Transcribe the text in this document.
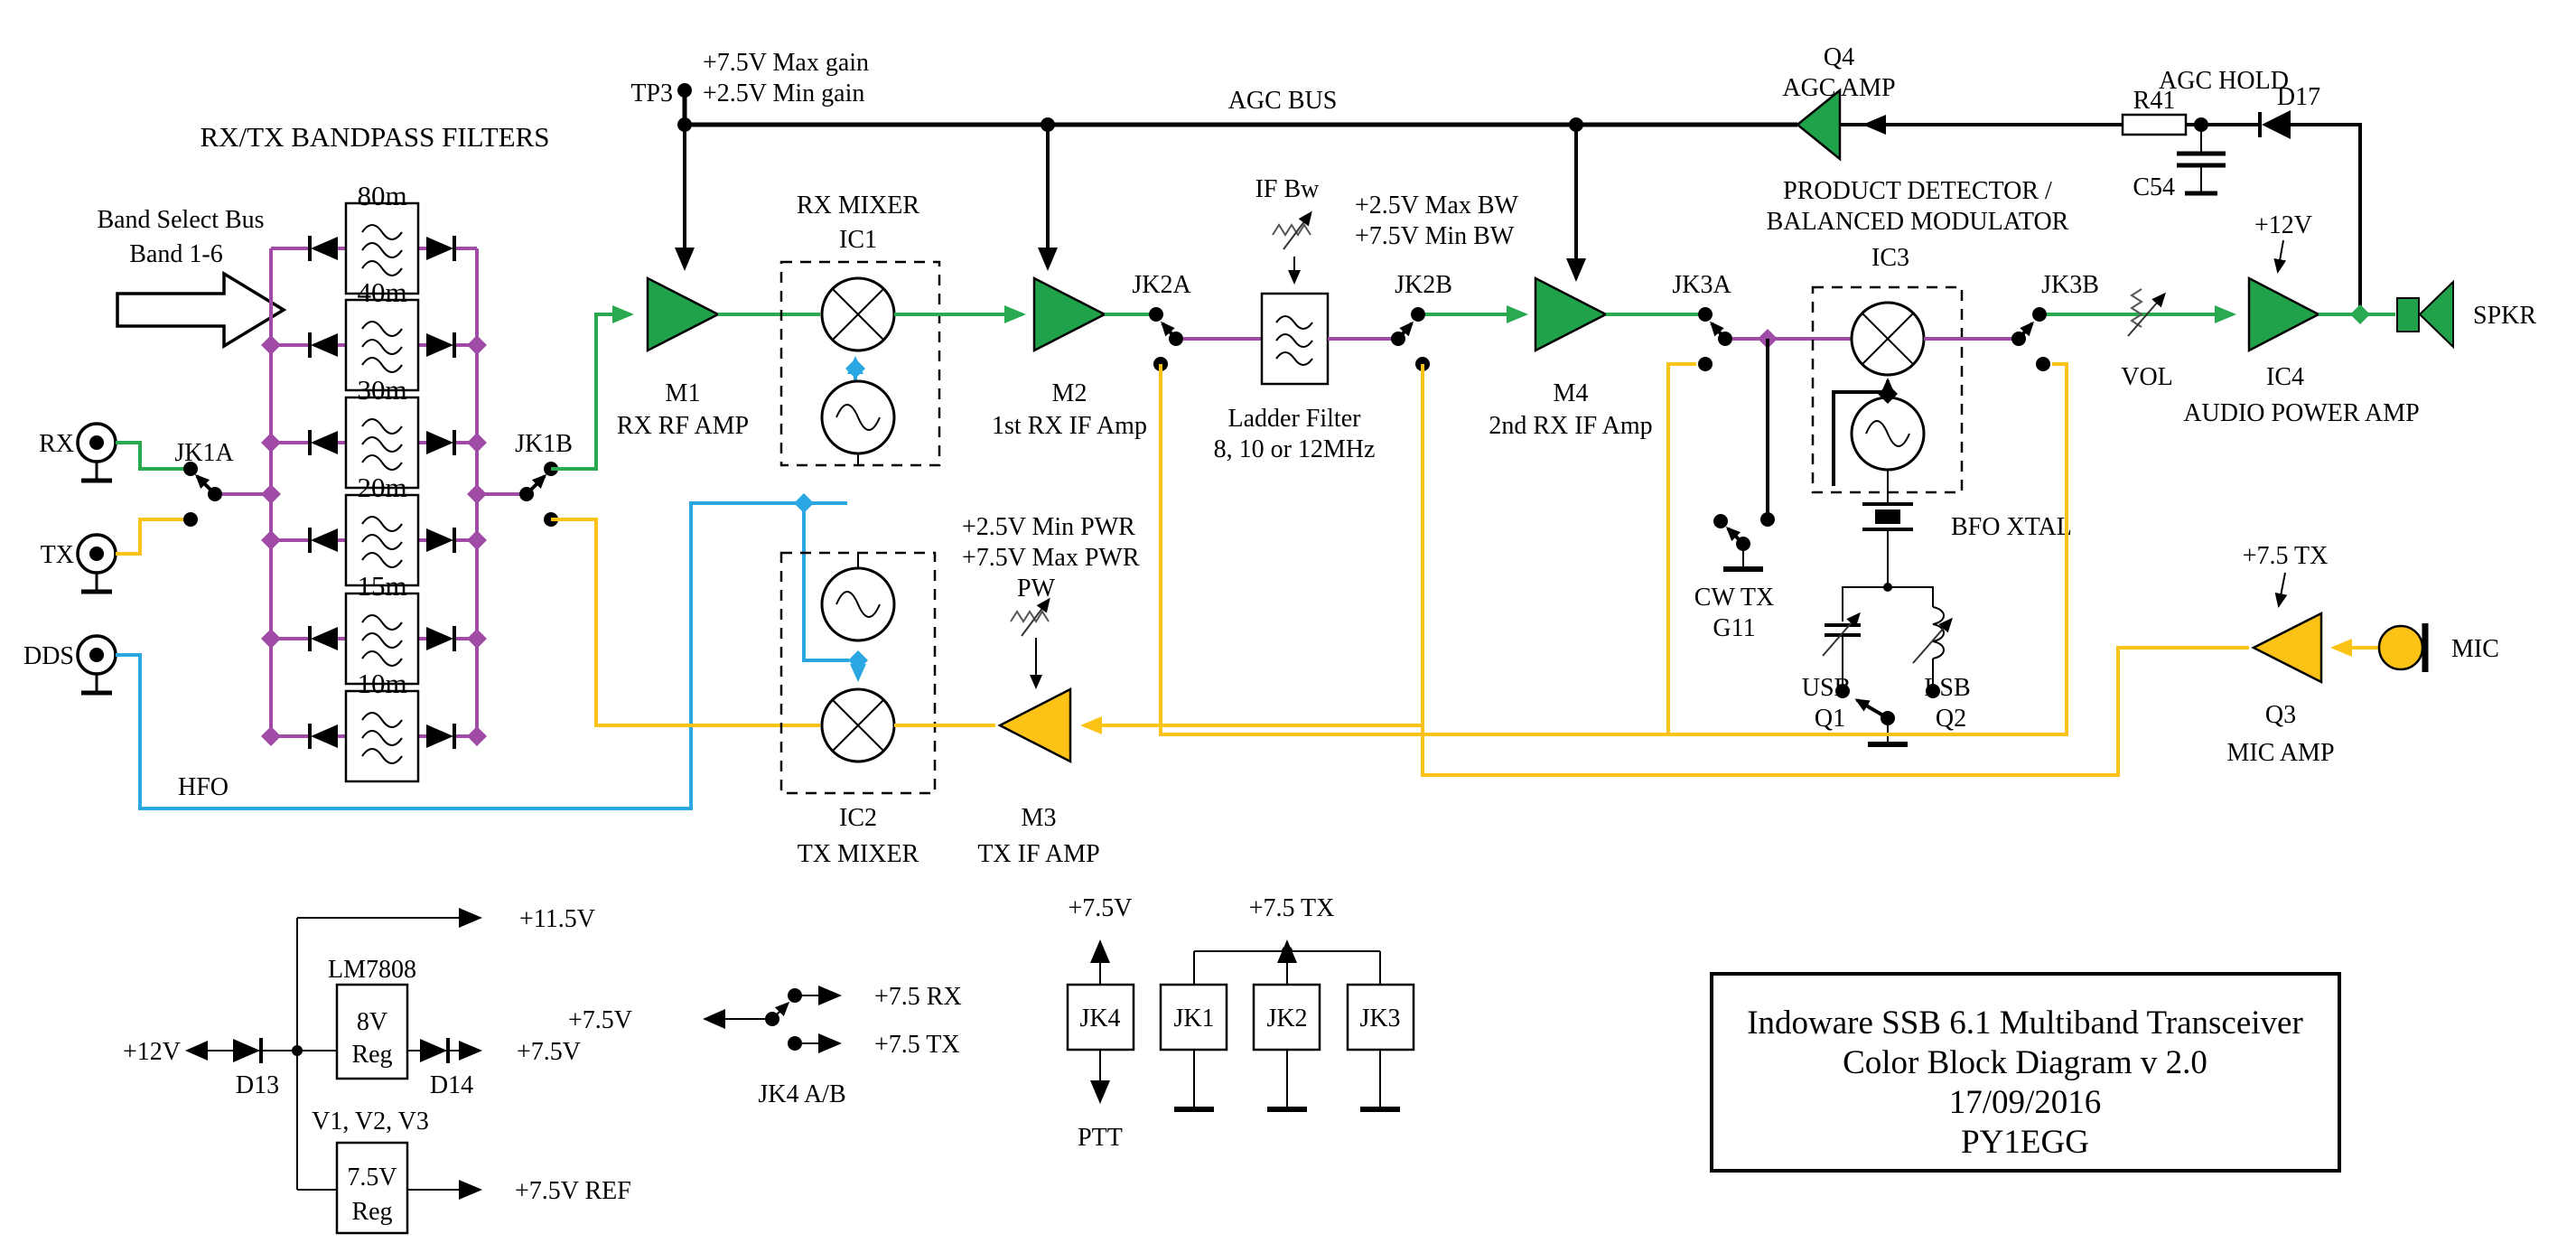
RX/TX BANDPASS FILTERS
Band Select Bus
Band 1-6
80m
40m
30m
20m
15m
10m
RX
TX
DDS
JK1A	JK1B
HFO
TP3
+7.5V Max gain
+2.5V Min gain	AGC BUS
Q4
AGC AMP	AGC HOLD
R41	D17
C54
M1
RX RF AMP
RX MIXER
IC1
M2
1st RX IF Amp
JK2A
IF Bw
+2.5V Max BW
+7.5V Min BW
Ladder Filter
8, 10 or 12MHz
JK2B
M4
2nd RX IF Amp
JK3A
PRODUCT DETECTOR /
BALANCED MODULATOR
IC3
CW TX
G11
BFO XTAL
USB
Q1
LSB
Q2
JK3B
VOL
+12V
IC4
AUDIO POWER AMP
SPKR
IC2
TX MIXER
M3
TX IF AMP
+2.5V Min PWR
+7.5V Max PWR
PW
+7.5 TX
Q3
MIC AMP
MIC
+11.5V
+12V
D13
LM7808
8V
Reg
D14
+7.5V
V1, V2, V3
7.5V
Reg
+7.5V REF
+7.5V
+7.5 RX
+7.5 TX
JK4 A/B
+7.5V
JK4
PTT
+7.5 TX
JK1 JK2 JK3	Indoware SSB 6.1 Multiband Transceiver
Color Block Diagram v 2.0
17/09/2016
PY1EGG
